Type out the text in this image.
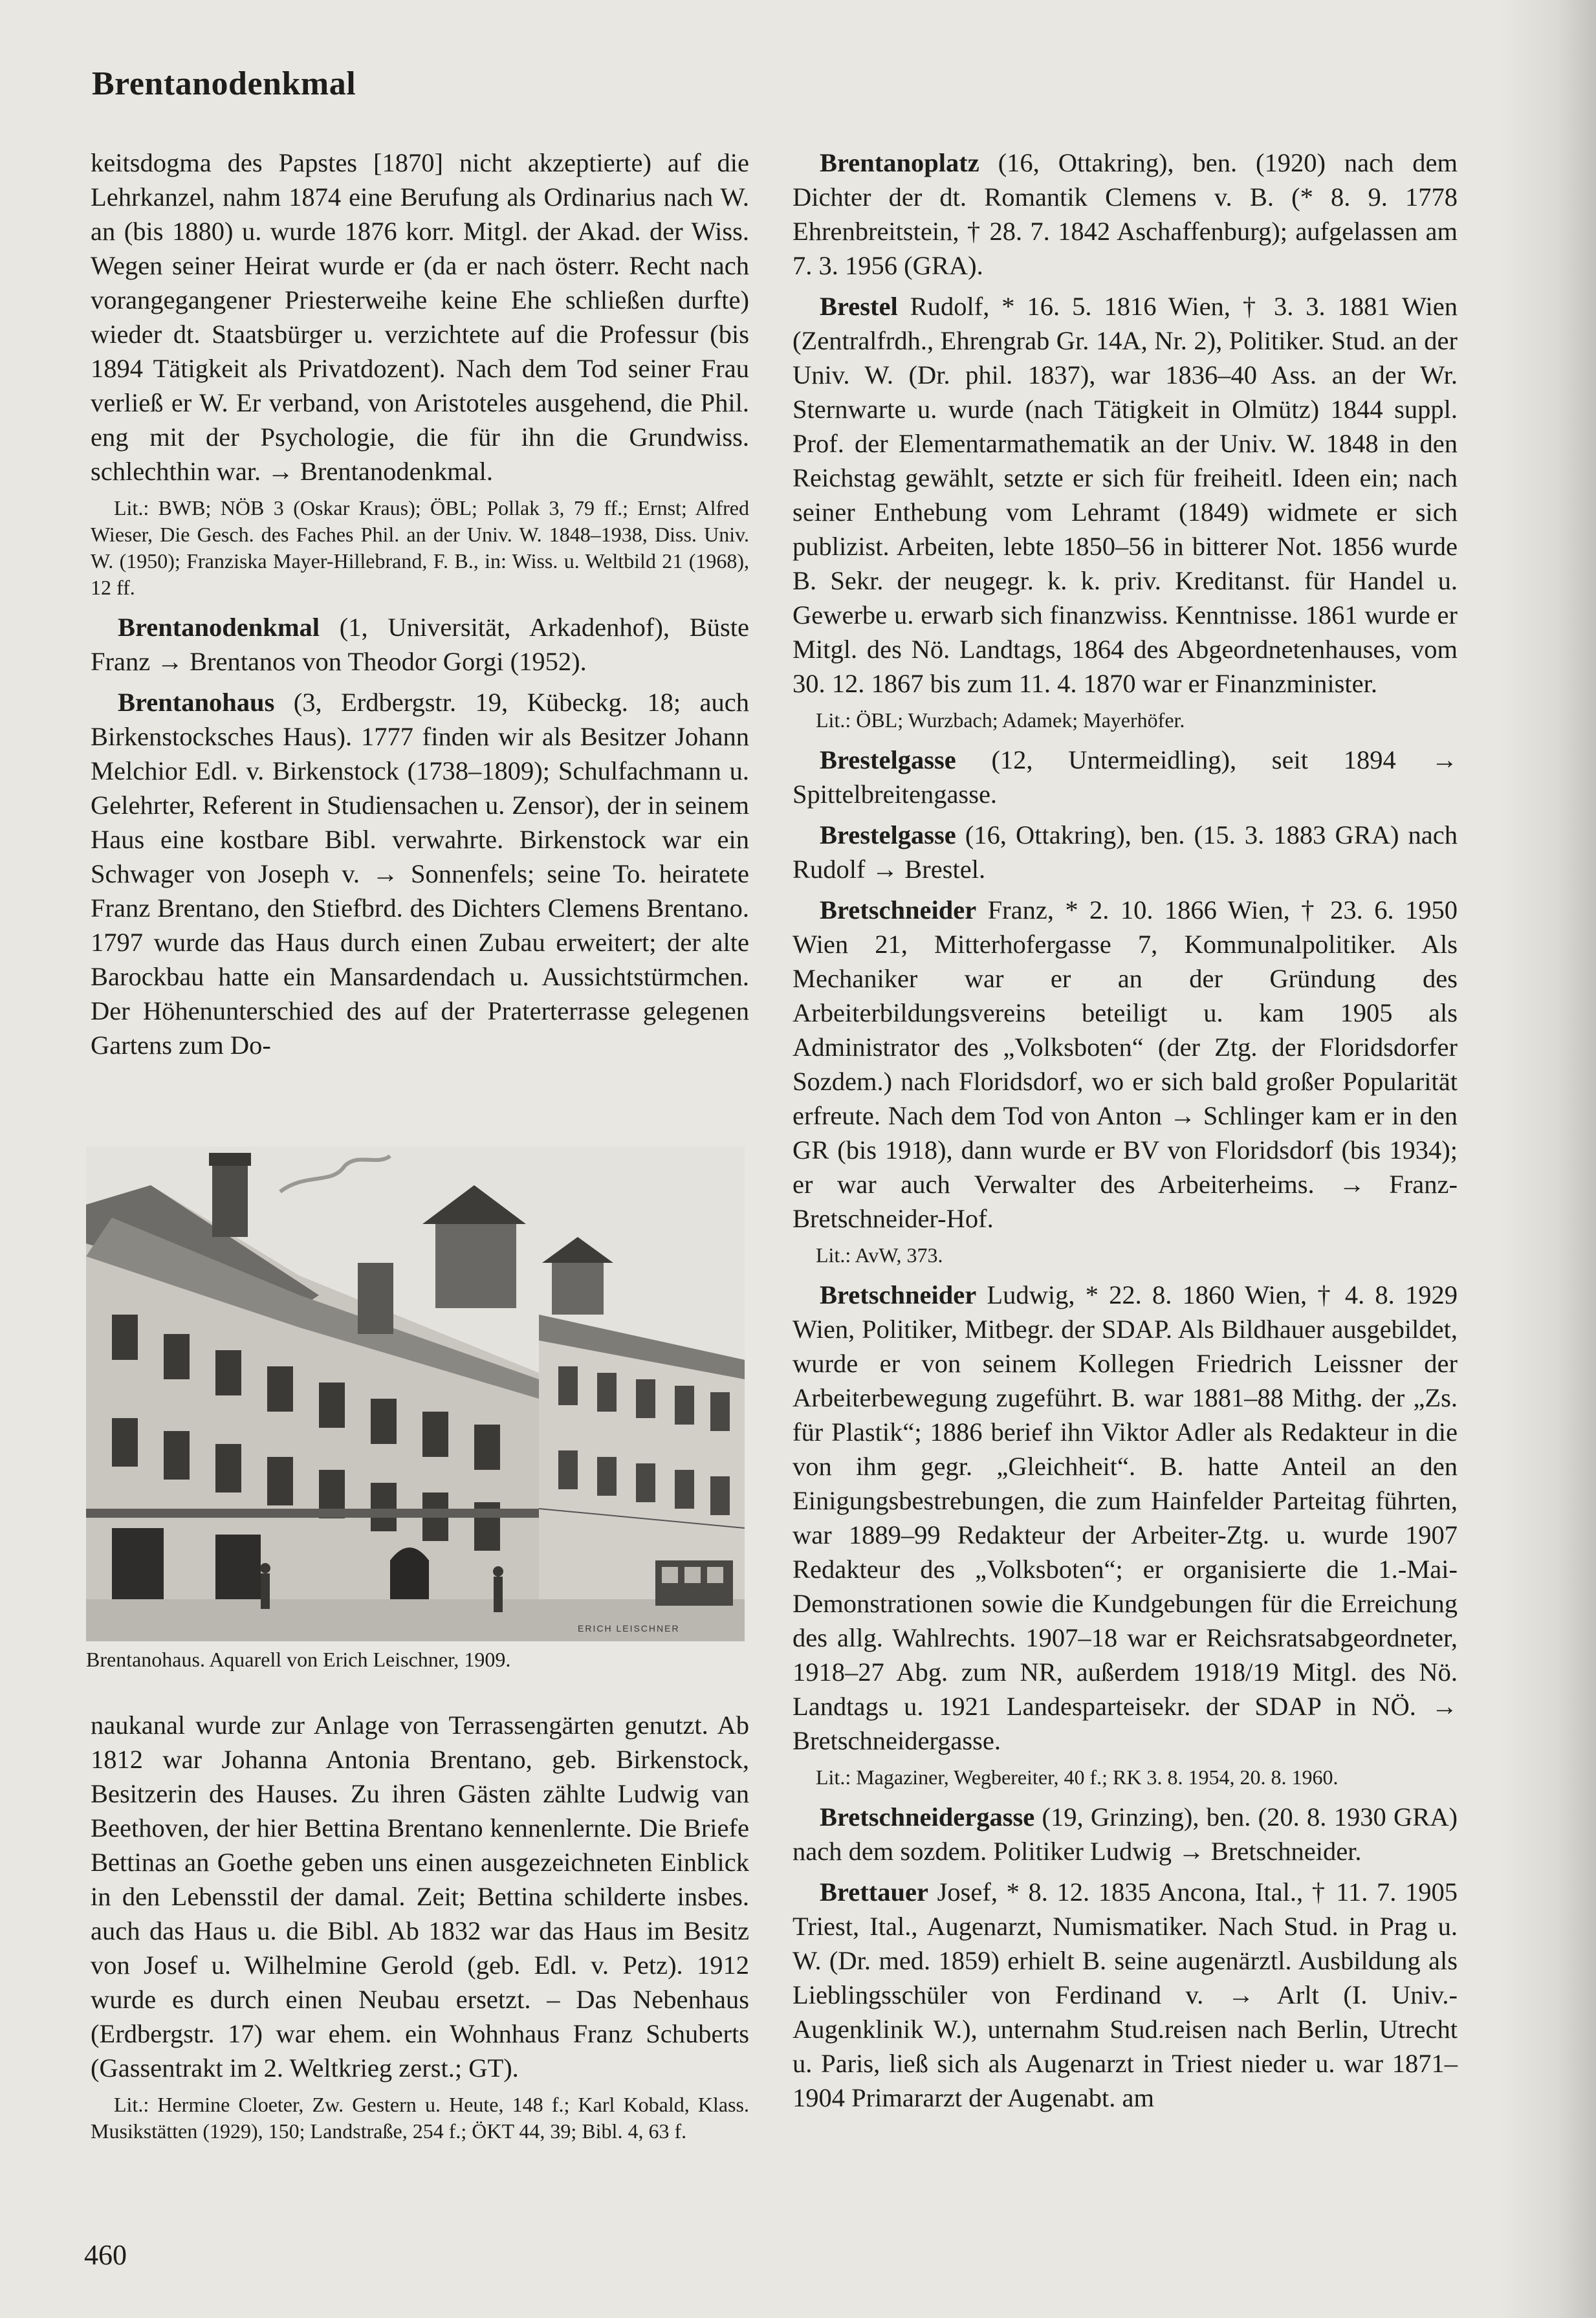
Brentanodenkmal

keitsdogma des Papstes [1870] nicht akzeptierte) auf die Lehrkanzel, nahm 1874 eine Berufung als Ordinarius nach W. an (bis 1880) u. wurde 1876 korr. Mitgl. der Akad. der Wiss. Wegen seiner Heirat wurde er (da er nach österr. Recht nach vorangegangener Priesterweihe keine Ehe schließen durfte) wieder dt. Staatsbürger u. verzichtete auf die Professur (bis 1894 Tätigkeit als Privatdozent). Nach dem Tod seiner Frau verließ er W. Er verband, von Aristoteles ausgehend, die Phil. eng mit der Psychologie, die für ihn die Grundwiss. schlechthin war. → Brentanodenkmal.

Lit.: BWB; NÖB 3 (Oskar Kraus); ÖBL; Pollak 3, 79 ff.; Ernst; Alfred Wieser, Die Gesch. des Faches Phil. an der Univ. W. 1848–1938, Diss. Univ. W. (1950); Franziska Mayer-Hillebrand, F. B., in: Wiss. u. Weltbild 21 (1968), 12 ff.

Brentanodenkmal (1, Universität, Arkadenhof), Büste Franz → Brentanos von Theodor Gorgi (1952).

Brentanohaus (3, Erdbergstr. 19, Kübeckg. 18; auch Birkenstocksches Haus). 1777 finden wir als Besitzer Johann Melchior Edl. v. Birkenstock (1738–1809); Schulfachmann u. Gelehrter, Referent in Studiensachen u. Zensor), der in seinem Haus eine kostbare Bibl. verwahrte. Birkenstock war ein Schwager von Joseph v. → Sonnenfels; seine To. heiratete Franz Brentano, den Stiefbrd. des Dichters Clemens Brentano. 1797 wurde das Haus durch einen Zubau erweitert; der alte Barockbau hatte ein Mansardendach u. Aussichtstürmchen. Der Höhenunterschied des auf der Praterterrasse gelegenen Gartens zum Do-

ERICH LEISCHNER
Brentanohaus. Aquarell von Erich Leischner, 1909.

naukanal wurde zur Anlage von Terrassengärten genutzt. Ab 1812 war Johanna Antonia Brentano, geb. Birkenstock, Besitzerin des Hauses. Zu ihren Gästen zählte Ludwig van Beethoven, der hier Bettina Brentano kennenlernte. Die Briefe Bettinas an Goethe geben uns einen ausgezeichneten Einblick in den Lebensstil der damal. Zeit; Bettina schilderte insbes. auch das Haus u. die Bibl. Ab 1832 war das Haus im Besitz von Josef u. Wilhelmine Gerold (geb. Edl. v. Petz). 1912 wurde es durch einen Neubau ersetzt. – Das Nebenhaus (Erdbergstr. 17) war ehem. ein Wohnhaus Franz Schuberts (Gassentrakt im 2. Weltkrieg zerst.; GT).

Lit.: Hermine Cloeter, Zw. Gestern u. Heute, 148 f.; Karl Kobald, Klass. Musikstätten (1929), 150; Landstraße, 254 f.; ÖKT 44, 39; Bibl. 4, 63 f.

Brentanoplatz (16, Ottakring), ben. (1920) nach dem Dichter der dt. Romantik Clemens v. B. (* 8. 9. 1778 Ehrenbreitstein, † 28. 7. 1842 Aschaffenburg); aufgelassen am 7. 3. 1956 (GRA).

Brestel Rudolf, * 16. 5. 1816 Wien, † 3. 3. 1881 Wien (Zentralfrdh., Ehrengrab Gr. 14A, Nr. 2), Politiker. Stud. an der Univ. W. (Dr. phil. 1837), war 1836–40 Ass. an der Wr. Sternwarte u. wurde (nach Tätigkeit in Olmütz) 1844 suppl. Prof. der Elementarmathematik an der Univ. W. 1848 in den Reichstag gewählt, setzte er sich für freiheitl. Ideen ein; nach seiner Enthebung vom Lehramt (1849) widmete er sich publizist. Arbeiten, lebte 1850–56 in bitterer Not. 1856 wurde B. Sekr. der neugegr. k. k. priv. Kreditanst. für Handel u. Gewerbe u. erwarb sich finanzwiss. Kenntnisse. 1861 wurde er Mitgl. des Nö. Landtags, 1864 des Abgeordnetenhauses, vom 30. 12. 1867 bis zum 11. 4. 1870 war er Finanzminister.

Lit.: ÖBL; Wurzbach; Adamek; Mayerhöfer.

Brestelgasse (12, Untermeidling), seit 1894 → Spittelbreitengasse.

Brestelgasse (16, Ottakring), ben. (15. 3. 1883 GRA) nach Rudolf → Brestel.

Bretschneider Franz, * 2. 10. 1866 Wien, † 23. 6. 1950 Wien 21, Mitterhofergasse 7, Kommunalpolitiker. Als Mechaniker war er an der Gründung des Arbeiterbildungsvereins beteiligt u. kam 1905 als Administrator des „Volksboten“ (der Ztg. der Floridsdorfer Sozdem.) nach Floridsdorf, wo er sich bald großer Popularität erfreute. Nach dem Tod von Anton → Schlinger kam er in den GR (bis 1918), dann wurde er BV von Floridsdorf (bis 1934); er war auch Verwalter des Arbeiterheims. → Franz-Bretschneider-Hof.

Lit.: AvW, 373.

Bretschneider Ludwig, * 22. 8. 1860 Wien, † 4. 8. 1929 Wien, Politiker, Mitbegr. der SDAP. Als Bildhauer ausgebildet, wurde er von seinem Kollegen Friedrich Leissner der Arbeiterbewegung zugeführt. B. war 1881–88 Mithg. der „Zs. für Plastik“; 1886 berief ihn Viktor Adler als Redakteur in die von ihm gegr. „Gleichheit“. B. hatte Anteil an den Einigungsbestrebungen, die zum Hainfelder Parteitag führten, war 1889–99 Redakteur der Arbeiter-Ztg. u. wurde 1907 Redakteur des „Volksboten“; er organisierte die 1.-Mai-Demonstrationen sowie die Kundgebungen für die Erreichung des allg. Wahlrechts. 1907–18 war er Reichsratsabgeordneter, 1918–27 Abg. zum NR, außerdem 1918/19 Mitgl. des Nö. Landtags u. 1921 Landesparteisekr. der SDAP in NÖ. → Bretschneidergasse.

Lit.: Magaziner, Wegbereiter, 40 f.; RK 3. 8. 1954, 20. 8. 1960.

Bretschneidergasse (19, Grinzing), ben. (20. 8. 1930 GRA) nach dem sozdem. Politiker Ludwig → Bretschneider.

Brettauer Josef, * 8. 12. 1835 Ancona, Ital., † 11. 7. 1905 Triest, Ital., Augenarzt, Numismatiker. Nach Stud. in Prag u. W. (Dr. med. 1859) erhielt B. seine augenärztl. Ausbildung als Lieblingsschüler von Ferdinand v. → Arlt (I. Univ.-Augenklinik W.), unternahm Stud.reisen nach Berlin, Utrecht u. Paris, ließ sich als Augenarzt in Triest nieder u. war 1871–1904 Primararzt der Augenabt. am

460
